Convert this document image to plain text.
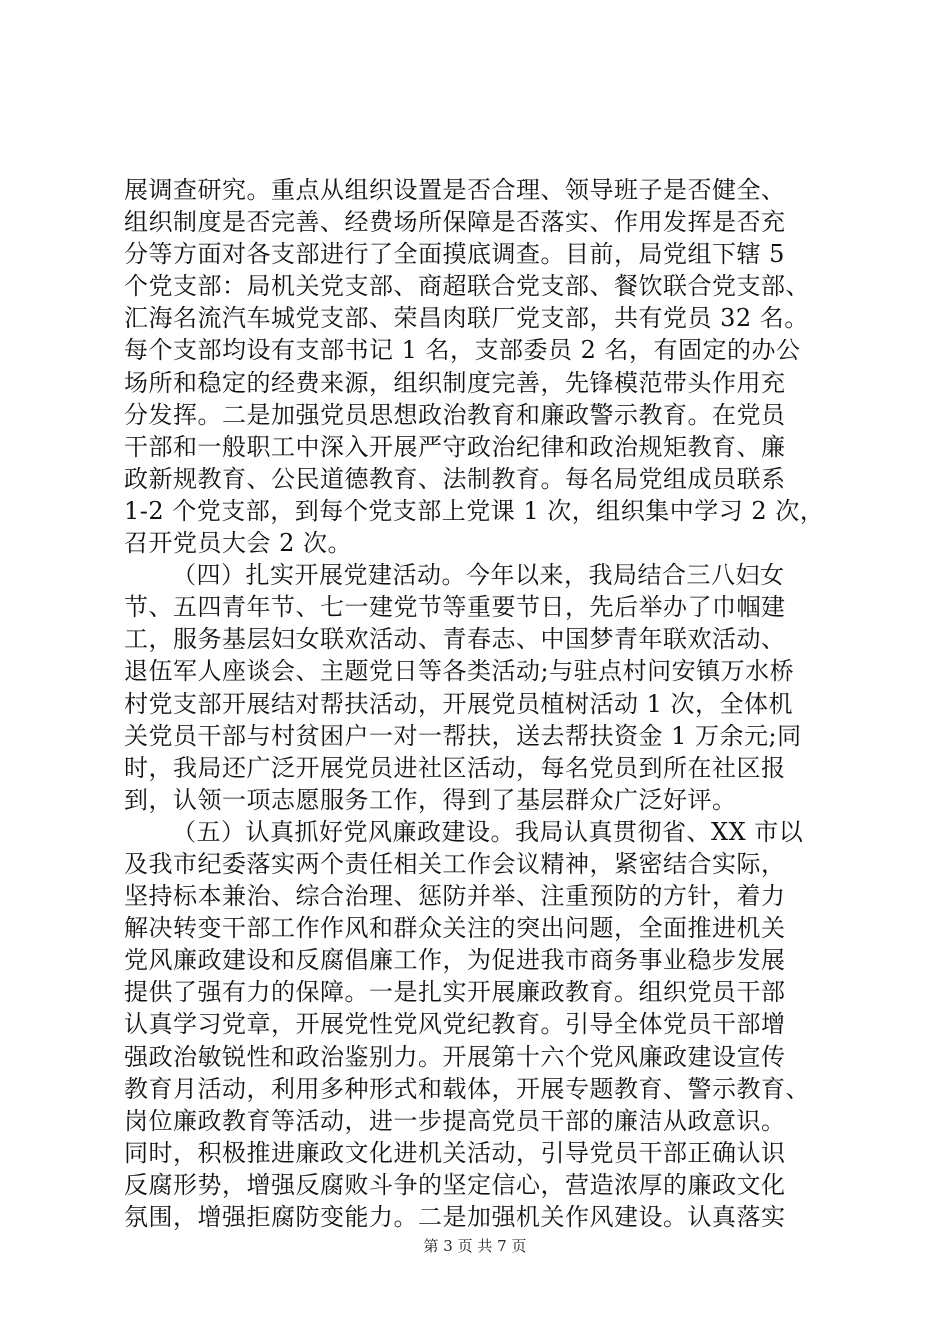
展调查研究。重点从组织设置是否合理、领导班子是否健全、
组织制度是否完善、经费场所保障是否落实、作用发挥是否充
分等方面对各支部进行了全面摸底调查。目前，局党组下辖 5
个党支部：局机关党支部、商超联合党支部、餐饮联合党支部、
汇海名流汽车城党支部、荣昌肉联厂党支部，共有党员 32 名。
每个支部均设有支部书记 1 名，支部委员 2 名，有固定的办公
场所和稳定的经费来源，组织制度完善，先锋模范带头作用充
分发挥。二是加强党员思想政治教育和廉政警示教育。在党员
干部和一般职工中深入开展严守政治纪律和政治规矩教育、廉
政新规教育、公民道德教育、法制教育。每名局党组成员联系
1-2 个党支部，到每个党支部上党课 1 次，组织集中学习 2 次，
召开党员大会 2 次。
（四）扎实开展党建活动。今年以来，我局结合三八妇女
节、五四青年节、七一建党节等重要节日，先后举办了巾帼建
工，服务基层妇女联欢活动、青春志、中国梦青年联欢活动、
退伍军人座谈会、主题党日等各类活动;与驻点村问安镇万水桥
村党支部开展结对帮扶活动，开展党员植树活动 1 次，全体机
关党员干部与村贫困户一对一帮扶，送去帮扶资金 1 万余元;同
时，我局还广泛开展党员进社区活动，每名党员到所在社区报
到，认领一项志愿服务工作，得到了基层群众广泛好评。
（五）认真抓好党风廉政建设。我局认真贯彻省、XX 市以
及我市纪委落实两个责任相关工作会议精神，紧密结合实际，
坚持标本兼治、综合治理、惩防并举、注重预防的方针，着力
解决转变干部工作作风和群众关注的突出问题，全面推进机关
党风廉政建设和反腐倡廉工作，为促进我市商务事业稳步发展
提供了强有力的保障。一是扎实开展廉政教育。组织党员干部
认真学习党章，开展党性党风党纪教育。引导全体党员干部增
强政治敏锐性和政治鉴别力。开展第十六个党风廉政建设宣传
教育月活动，利用多种形式和载体，开展专题教育、警示教育、
岗位廉政教育等活动，进一步提高党员干部的廉洁从政意识。
同时，积极推进廉政文化进机关活动，引导党员干部正确认识
反腐形势，增强反腐败斗争的坚定信心，营造浓厚的廉政文化
氛围，增强拒腐防变能力。二是加强机关作风建设。认真落实
第 3 页 共 7 页
